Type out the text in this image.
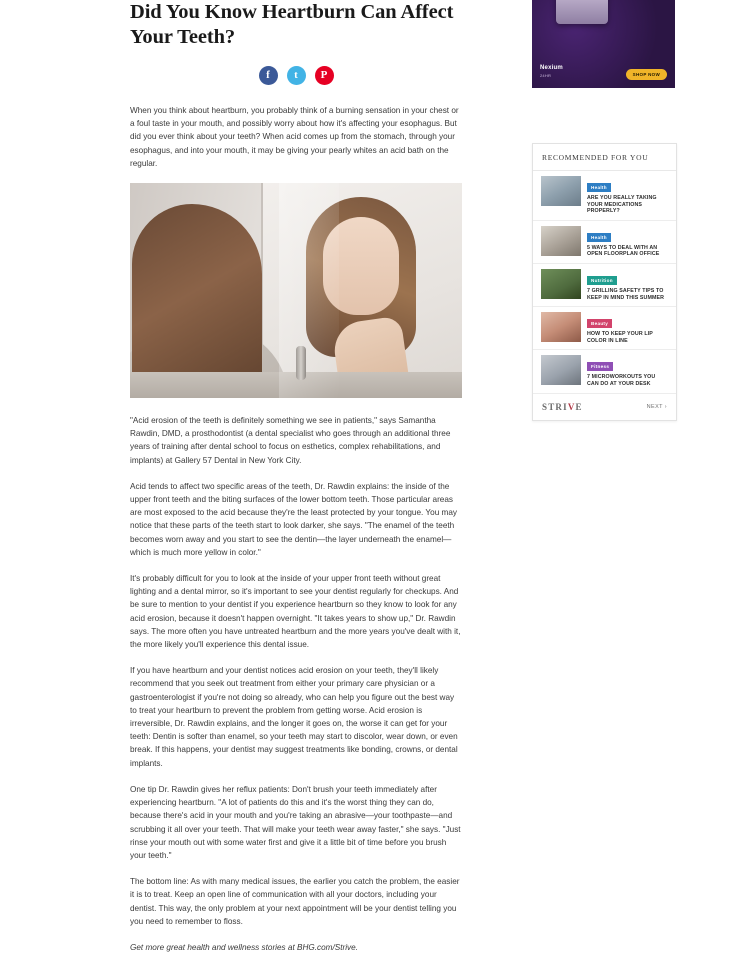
Did You Know Heartburn Can Affect Your Teeth?
f	t	P

When you think about heartburn, you probably think of a burning sensation in your chest or a foul taste in your mouth, and possibly worry about how it's affecting your esophagus. But did you ever think about your teeth? When acid comes up from the stomach, through your esophagus, and into your mouth, it may be giving your pearly whites an acid bath on the regular.

"Acid erosion of the teeth is definitely something we see in patients," says Samantha Rawdin, DMD, a prosthodontist (a dental specialist who goes through an additional three years of training after dental school to focus on esthetics, complex rehabilitations, and implants) at Gallery 57 Dental in New York City.

Acid tends to affect two specific areas of the teeth, Dr. Rawdin explains: the inside of the upper front teeth and the biting surfaces of the lower bottom teeth. Those particular areas are most exposed to the acid because they're the least protected by your tongue. You may notice that these parts of the teeth start to look darker, she says. "The enamel of the teeth becomes worn away and you start to see the dentin—the layer underneath the enamel—which is much more yellow in color."

It's probably difficult for you to look at the inside of your upper front teeth without great lighting and a dental mirror, so it's important to see your dentist regularly for checkups. And be sure to mention to your dentist if you experience heartburn so they know to look for any acid erosion, because it doesn't happen overnight. "It takes years to show up," Dr. Rawdin says. The more often you have untreated heartburn and the more years you've dealt with it, the more likely you'll experience this dental issue.

If you have heartburn and your dentist notices acid erosion on your teeth, they'll likely recommend that you seek out treatment from either your primary care physician or a gastroenterologist if you're not doing so already, who can help you figure out the best way to treat your heartburn to prevent the problem from getting worse. Acid erosion is irreversible, Dr. Rawdin explains, and the longer it goes on, the worse it can get for your teeth: Dentin is softer than enamel, so your teeth may start to discolor, wear down, or even break. If this happens, your dentist may suggest treatments like bonding, crowns, or dental implants.

One tip Dr. Rawdin gives her reflux patients: Don't brush your teeth immediately after experiencing heartburn. "A lot of patients do this and it's the worst thing they can do, because there's acid in your mouth and you're taking an abrasive—your toothpaste—and scrubbing it all over your teeth. That will make your teeth wear away faster," she says. "Just rinse your mouth out with some water first and give it a little bit of time before you brush your teeth."

The bottom line: As with many medical issues, the earlier you catch the problem, the easier it is to treat. Keep an open line of communication with all your doctors, including your dentist. This way, the only problem at your next appointment will be your dentist telling you you need to remember to floss.

Get more great health and wellness stories at BHG.com/Strive.

Nexium
24HR	SHOP NOW
RECOMMENDED FOR YOU
Health
ARE YOU REALLY TAKING YOUR MEDICATIONS PROPERLY?
Health
5 WAYS TO DEAL WITH AN OPEN FLOORPLAN OFFICE
Nutrition
7 GRILLING SAFETY TIPS TO KEEP IN MIND THIS SUMMER
Beauty
HOW TO KEEP YOUR LIP COLOR IN LINE
Fitness
7 MICROWORKOUTS YOU CAN DO AT YOUR DESK
STRIVE	NEXT ›
